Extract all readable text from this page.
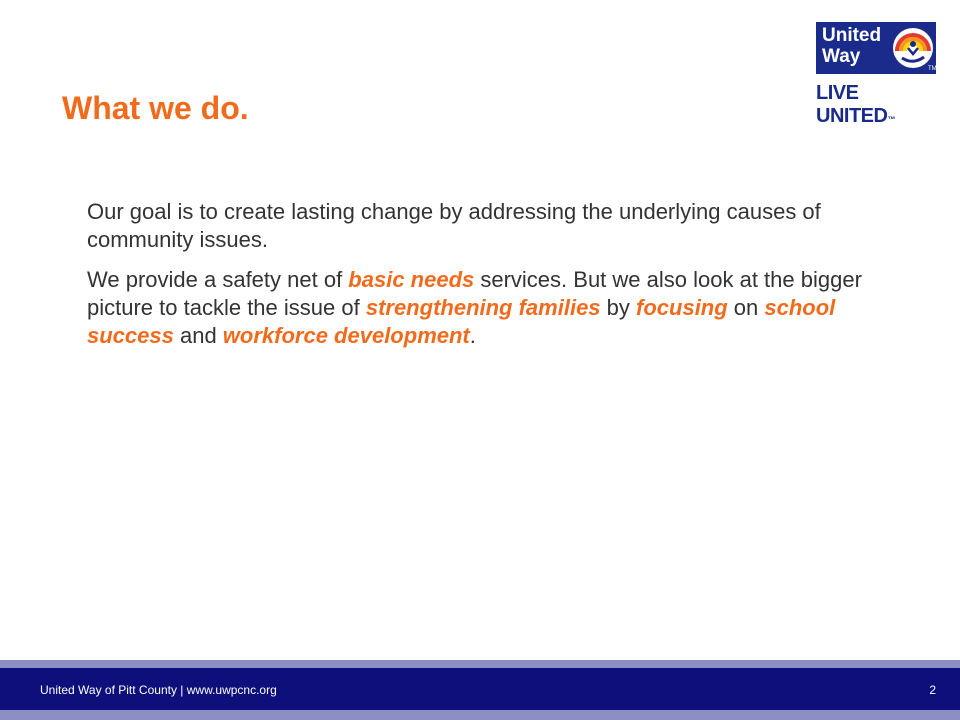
What we do.
United
Way
TM
LIVE UNITED™

Our goal is to create lasting change by addressing the underlying causes of community issues.

We provide a safety net of basic needs services. But we also look at the bigger picture to tackle the issue of strengthening families by focusing on school success and workforce development.

United Way of Pitt County | www.uwpcnc.org	2
